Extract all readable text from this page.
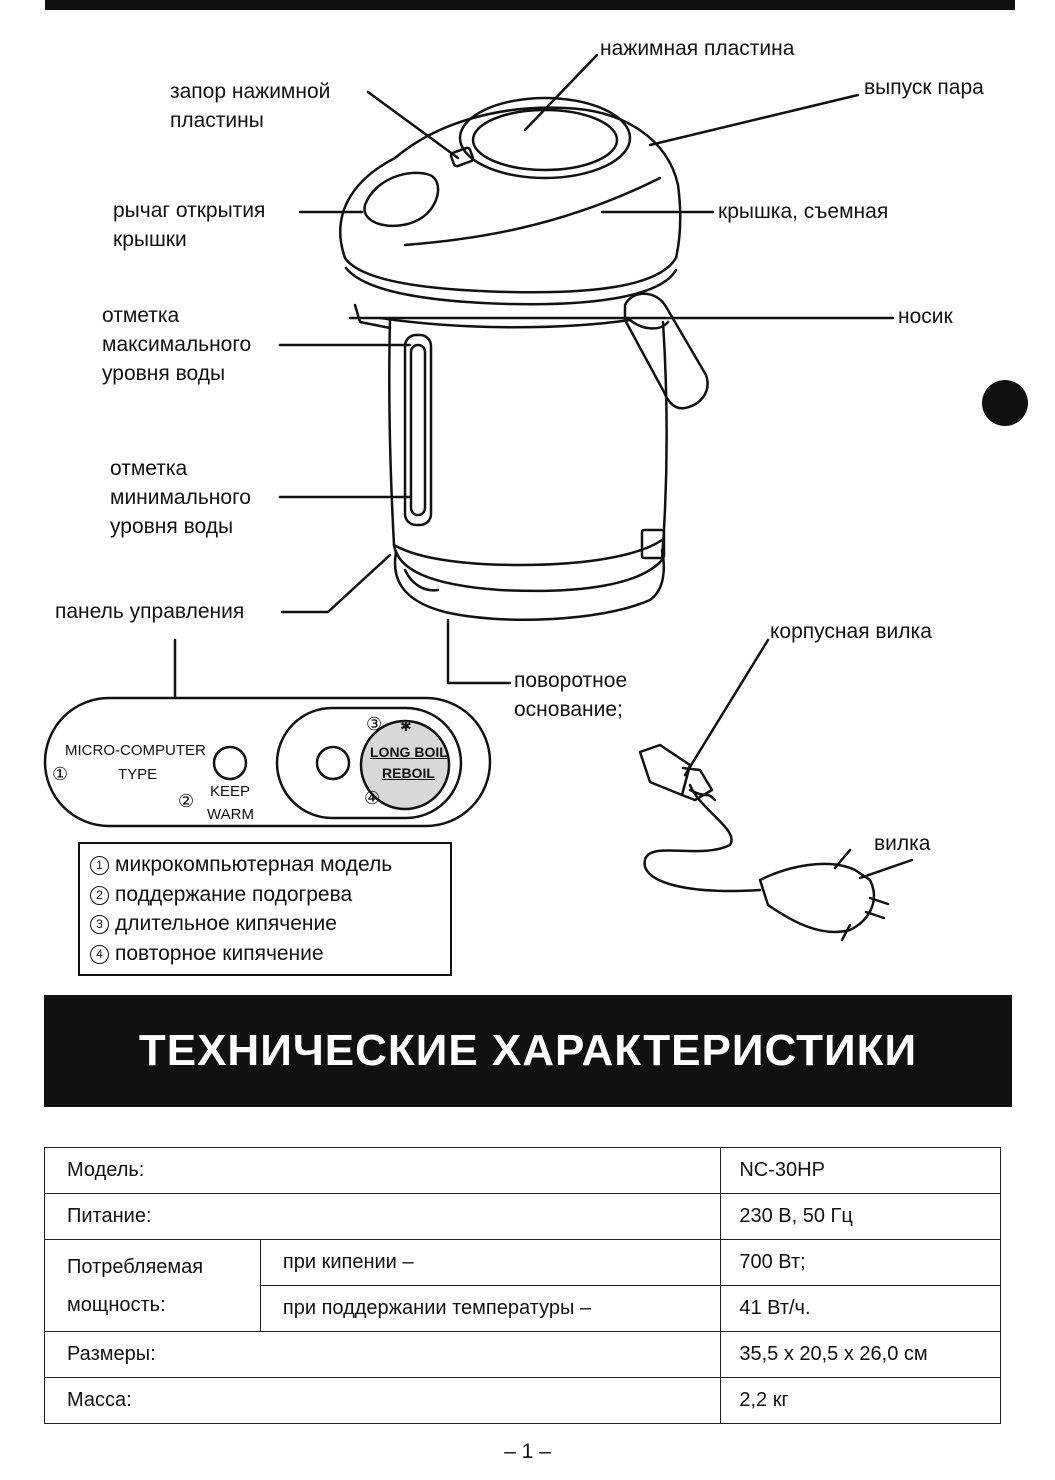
нажимная пластина
запор нажимной
пластины
выпуск пара
рычаг открытия
крышки
крышка, съемная
носик
отметка
максимального
уровня воды
отметка
минимального
уровня воды
панель управления
корпусная вилка
поворотное
основание;
вилка
MICRO-COMPUTER
①	TYPE
KEEP
②
WARM
③ ✱
LONG BOIL
REBOIL
④
1 микрокомпьютерная модель
2 поддержание подогрева
3 длительное кипячение
4 повторное кипячение
ТЕХНИЧЕСКИЕ ХАРАКТЕРИСТИКИ
Модель:		NC-30HP
Питание:		230 В, 50 Гц

Потребляемая
мощность:	при кипении –	700 Вт;
	при поддержании температуры –	41 Вт/ч.
Размеры:		35,5 x 20,5 x 26,0 см
Масса:		2,2 кг
– 1 –
